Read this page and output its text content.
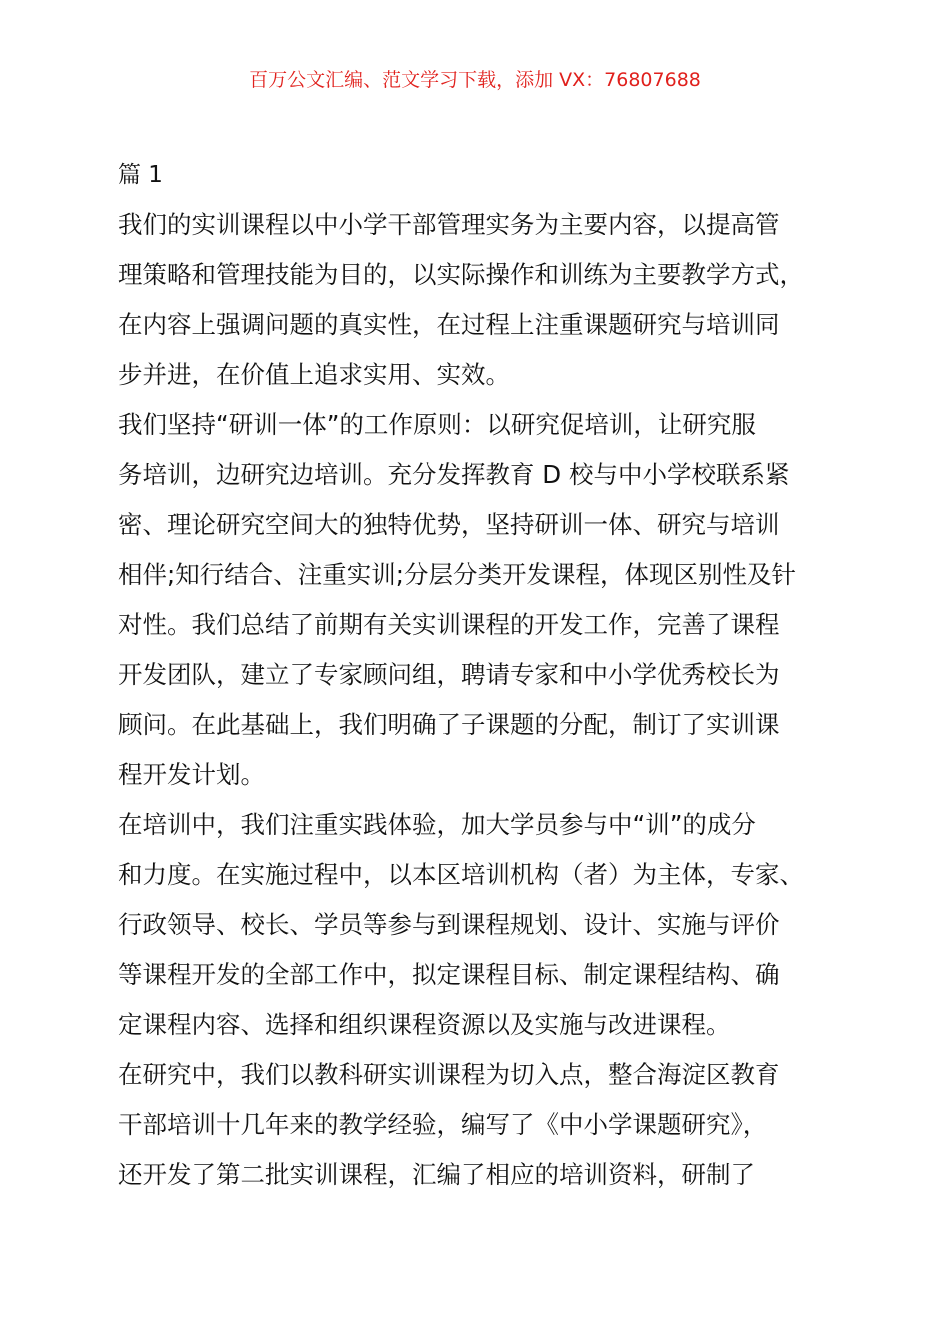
百万公文汇编、范文学习下载，添加 VX：76807688
篇 1
我们的实训课程以中小学干部管理实务为主要内容，以提高管
理策略和管理技能为目的，以实际操作和训练为主要教学方式，
在内容上强调问题的真实性，在过程上注重课题研究与培训同
步并进，在价值上追求实用、实效。
我们坚持“研训一体”的工作原则：以研究促培训，让研究服
务培训，边研究边培训。充分发挥教育 D 校与中小学校联系紧
密、理论研究空间大的独特优势，坚持研训一体、研究与培训
相伴;知行结合、注重实训;分层分类开发课程，体现区别性及针
对性。我们总结了前期有关实训课程的开发工作，完善了课程
开发团队，建立了专家顾问组，聘请专家和中小学优秀校长为
顾问。在此基础上，我们明确了子课题的分配，制订了实训课
程开发计划。
在培训中，我们注重实践体验，加大学员参与中“训”的成分
和力度。在实施过程中，以本区培训机构（者）为主体，专家、
行政领导、校长、学员等参与到课程规划、设计、实施与评价
等课程开发的全部工作中，拟定课程目标、制定课程结构、确
定课程内容、选择和组织课程资源以及实施与改进课程。
在研究中，我们以教科研实训课程为切入点，整合海淀区教育
干部培训十几年来的教学经验，编写了《中小学课题研究》，
还开发了第二批实训课程，汇编了相应的培训资料，研制了
